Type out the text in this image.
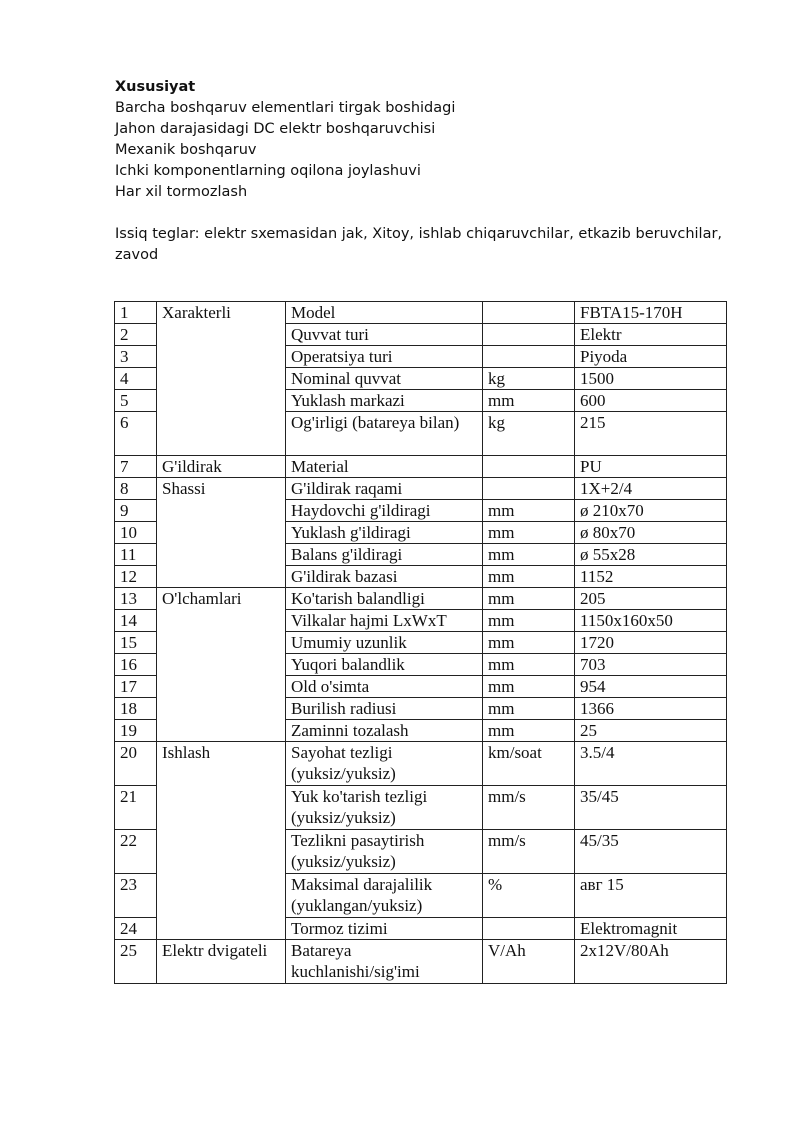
Xususiyat
Barcha boshqaruv elementlari tirgak boshidagi
Jahon darajasidagi DC elektr boshqaruvchisi
Mexanik boshqaruv
Ichki komponentlarning oqilona joylashuvi
Har xil tormozlash
Issiq teglar: elektr sxemasidan jak, Xitoy, ishlab chiqaruvchilar, etkazib beruvchilar, zavod
1	Xarakterli	Model		FBTA15-170H
2		Quvvat turi		Elektr
3		Operatsiya turi		Piyoda
4		Nominal quvvat	kg	1500
5		Yuklash markazi	mm	600
6		Og'irligi (batareya bilan)	kg	215
7	G'ildirak	Material		PU
8	Shassi	G'ildirak raqami		1X+2/4
9		Haydovchi g'ildiragi	mm	ø 210x70
10		Yuklash g'ildiragi	mm	ø 80x70
11		Balans g'ildiragi	mm	ø 55x28
12		G'ildirak bazasi	mm	1152
13	O'lchamlari	Ko'tarish balandligi	mm	205
14		Vilkalar hajmi LxWxT	mm	1150x160x50
15		Umumiy uzunlik	mm	1720
16		Yuqori balandlik	mm	703
17		Old o'simta	mm	954
18		Burilish radiusi	mm	1366
19		Zaminni tozalash	mm	25
20	Ishlash	Sayohat tezligi (yuksiz/yuksiz)	km/soat	3.5/4
21		Yuk ko'tarish tezligi (yuksiz/yuksiz)	mm/s	35/45
22		Tezlikni pasaytirish (yuksiz/yuksiz)	mm/s	45/35
23		Maksimal darajalilik (yuklangan/yuksiz)	%	авг 15
24		Tormoz tizimi		Elektromagnit
25	Elektr dvigateli	Batareya kuchlanishi/sig'imi	V/Ah	2x12V/80Ah
